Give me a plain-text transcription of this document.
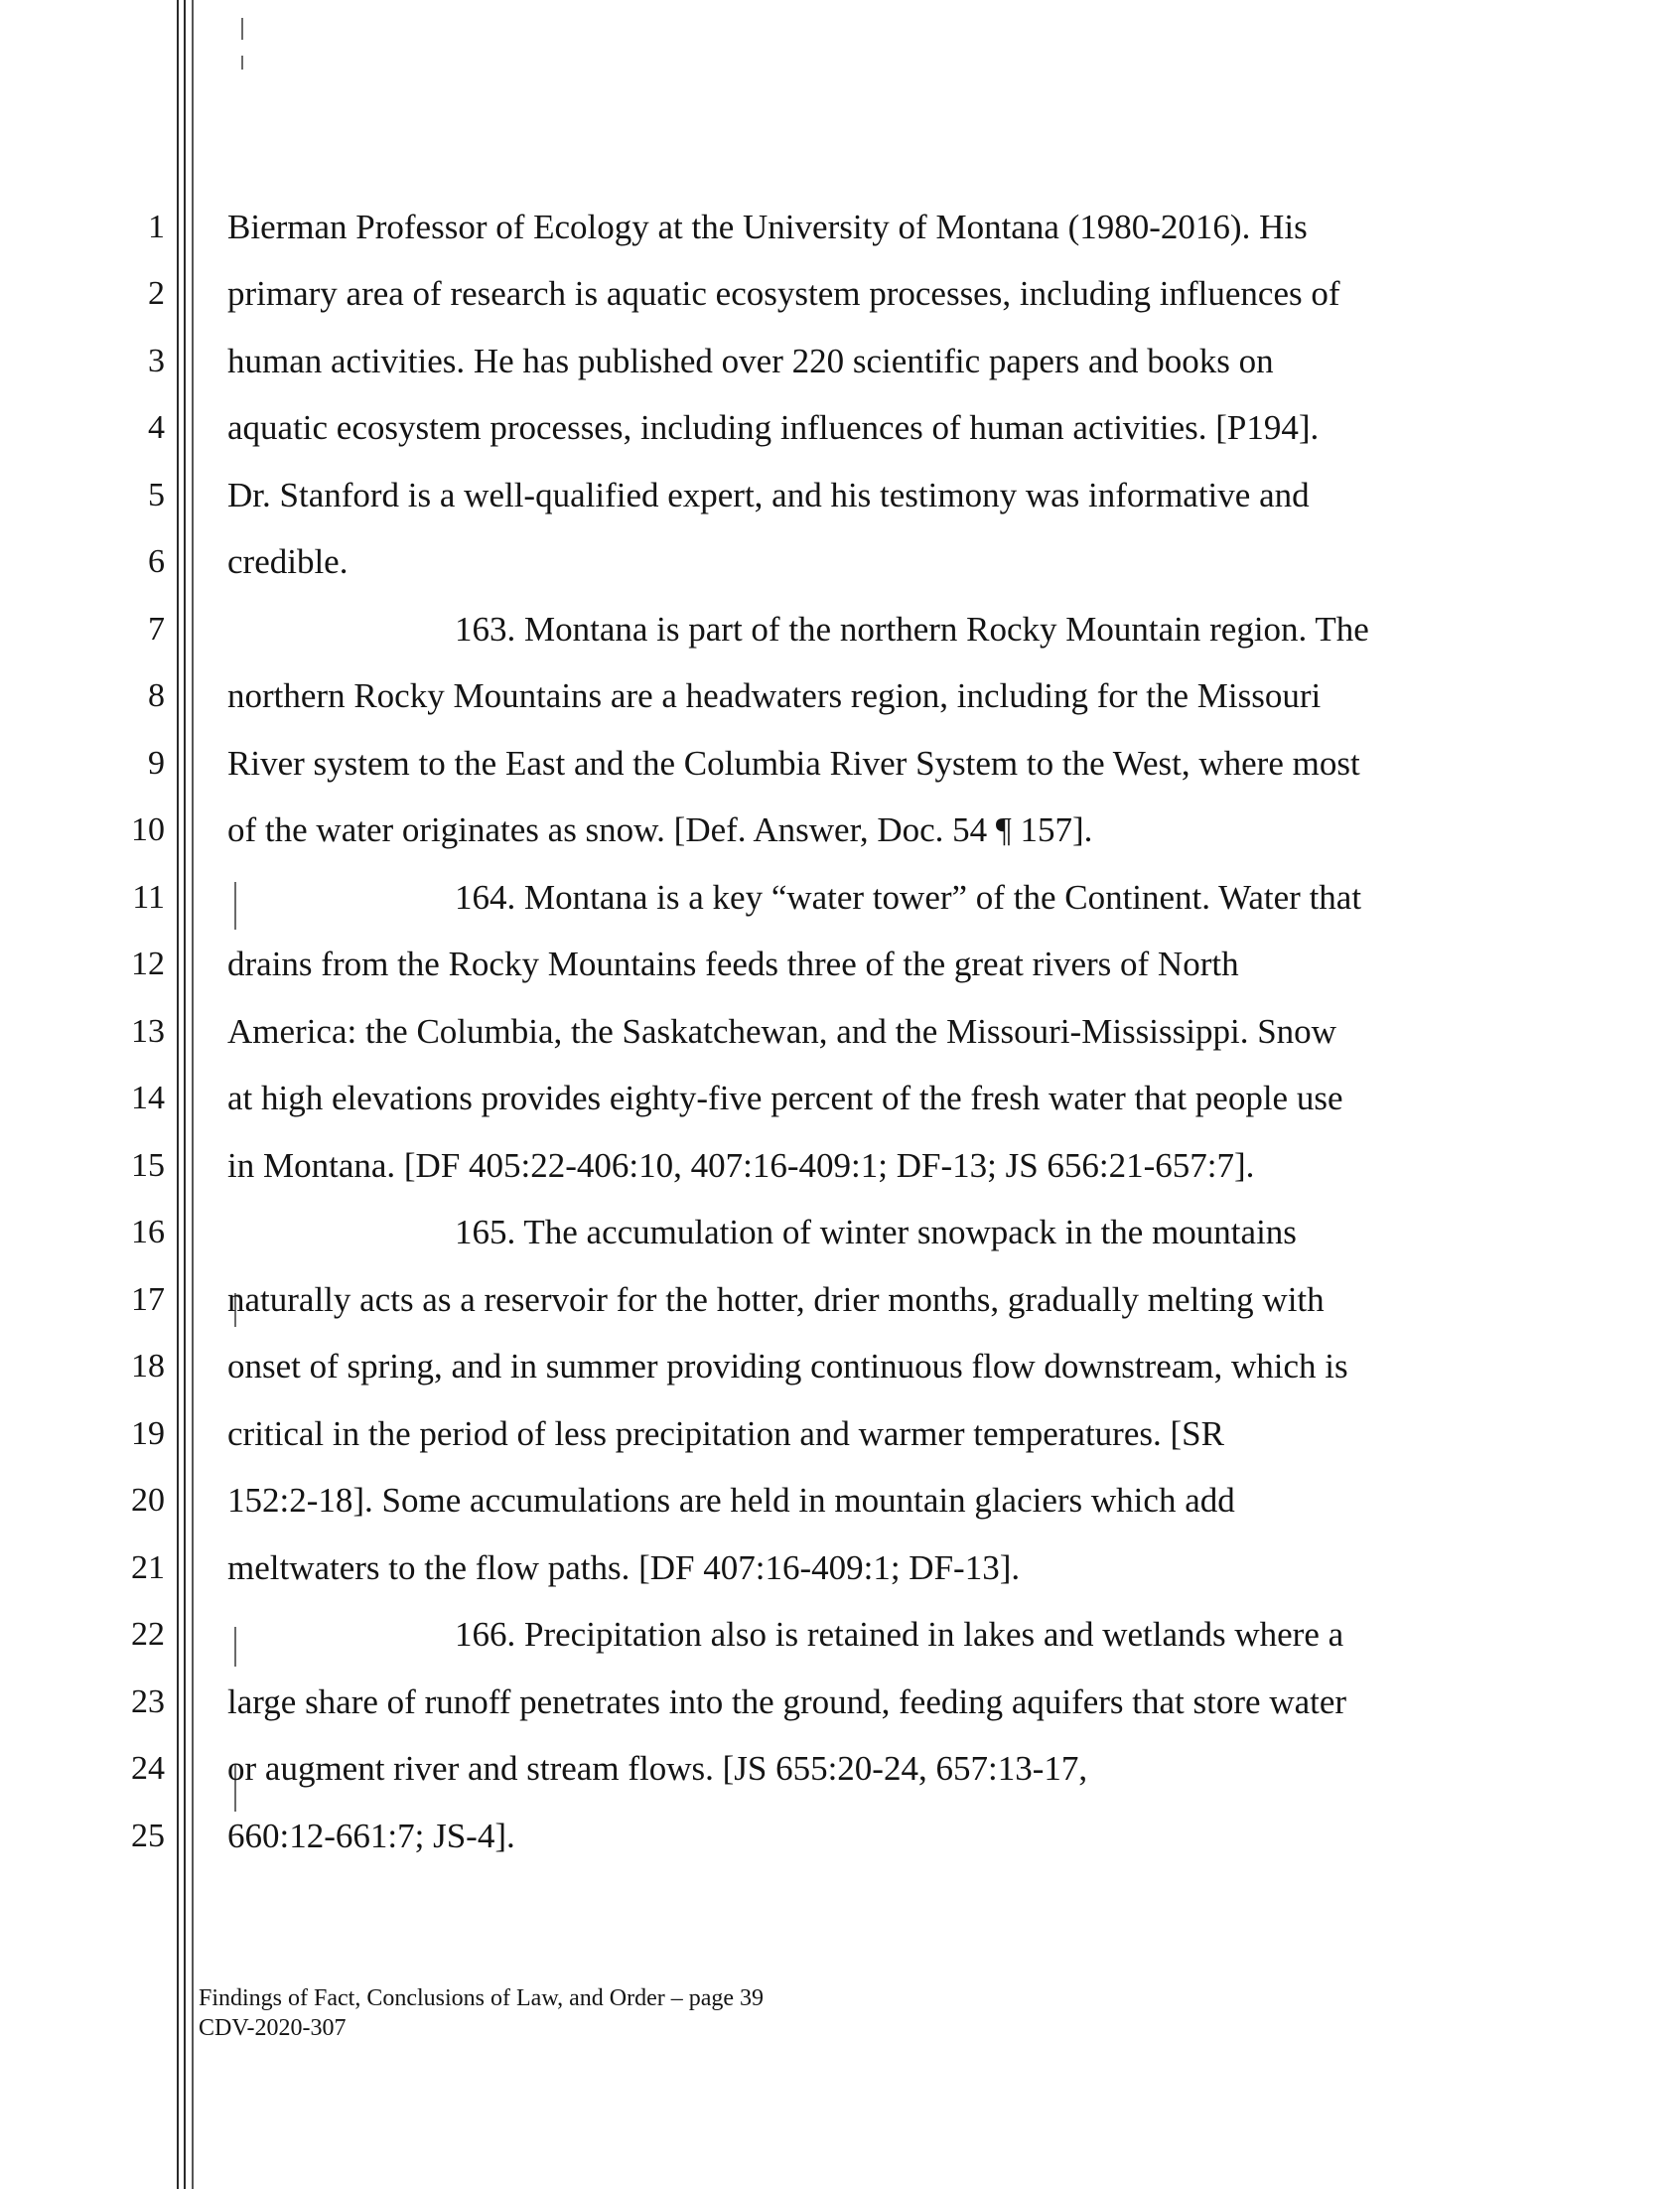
1
2
3
4
5
6
7
8
9
10
11
12
13
14
15
16
17
18
19
20
21
22
23
24
25
Bierman Professor of Ecology at the University of Montana (1980-2016). His
primary area of research is aquatic ecosystem processes, including influences of
human activities. He has published over 220 scientific papers and books on
aquatic ecosystem processes, including influences of human activities. [P194].
Dr. Stanford is a well-qualified expert, and his testimony was informative and
credible.
163. Montana is part of the northern Rocky Mountain region. The
northern Rocky Mountains are a headwaters region, including for the Missouri
River system to the East and the Columbia River System to the West, where most
of the water originates as snow. [Def. Answer, Doc. 54 ¶ 157].
164. Montana is a key “water tower” of the Continent. Water that
drains from the Rocky Mountains feeds three of the great rivers of North
America: the Columbia, the Saskatchewan, and the Missouri-Mississippi. Snow
at high elevations provides eighty-five percent of the fresh water that people use
in Montana. [DF 405:22-406:10, 407:16-409:1; DF-13; JS 656:21-657:7].
165. The accumulation of winter snowpack in the mountains
naturally acts as a reservoir for the hotter, drier months, gradually melting with
onset of spring, and in summer providing continuous flow downstream, which is
critical in the period of less precipitation and warmer temperatures. [SR
152:2-18]. Some accumulations are held in mountain glaciers which add
meltwaters to the flow paths. [DF 407:16-409:1; DF-13].
166. Precipitation also is retained in lakes and wetlands where a
large share of runoff penetrates into the ground, feeding aquifers that store water
or augment river and stream flows. [JS 655:20-24, 657:13-17,
660:12-661:7; JS-4].
Findings of Fact, Conclusions of Law, and Order – page 39
CDV-2020-307
